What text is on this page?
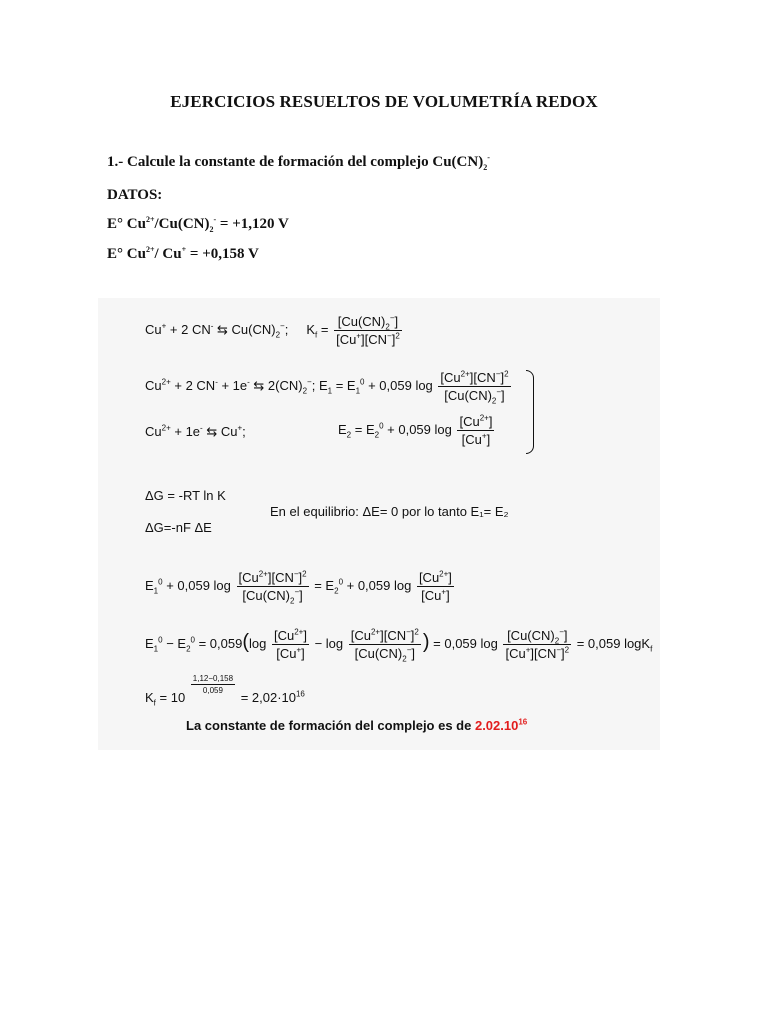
EJERCICIOS RESUELTOS DE VOLUMETRÍA REDOX
1.- Calcule la constante de formación del complejo $Cu(CN)_2^-$
DATOS:
E° $Cu^{2+}/Cu(CN)_2^- = +1,120$ V
E° $Cu^{2+}/$ Cu+ = +0,158 V
Cu+ + 2 CN- ⇆ $Cu(CN)_2^-$;     $K_f = \frac{[Cu(CN)_2^-]}{[Cu^+][CN^-]^2}$
$Cu^{2+} + 2$ CN- + 1e- ⇆ $2(CN)_2^-$; $E_1 = E_1^0 + 0,059$ $\log \frac{[Cu^{2+}][CN^-]^2}{[Cu(CN)_2^-]}$
$Cu^{2+} + 1e^-$ ⇆ Cu+;	$E_2 = E_2^0 + 0,059$ $\log \frac{[Cu^{2+}]}{[Cu^+]}$
ΔG = -RT ln K
En el equilibrio: ΔE= 0 por lo tanto E₁= E₂
ΔG=-nF ΔE
$E_1^0 + 0,059$ $\log \frac{[Cu^{2+}][CN^-]^2}{[Cu(CN)_2^-]} = E_2^0 + 0,059$ $\log \frac{[Cu^{2+}]}{[Cu^+]}$
$E_1^0 - E_2^0 = 0,059(\log \frac{[Cu^{2+}]}{[Cu^+]} - \log \frac{[Cu^{2+}][CN^-]^2}{[Cu(CN)_2^-]}$ ) = 0,059 $\log \frac{[Cu(CN)_2^-]}{[Cu^+][CN^-]^2} = 0,059$ logK$_f$
$K_f = 10$
$\frac{1,12-0,158}{0,059}$
= $2,02\cdot 10^{16}$
La constante de formación del complejo es de 2.02.10$^{16}$
